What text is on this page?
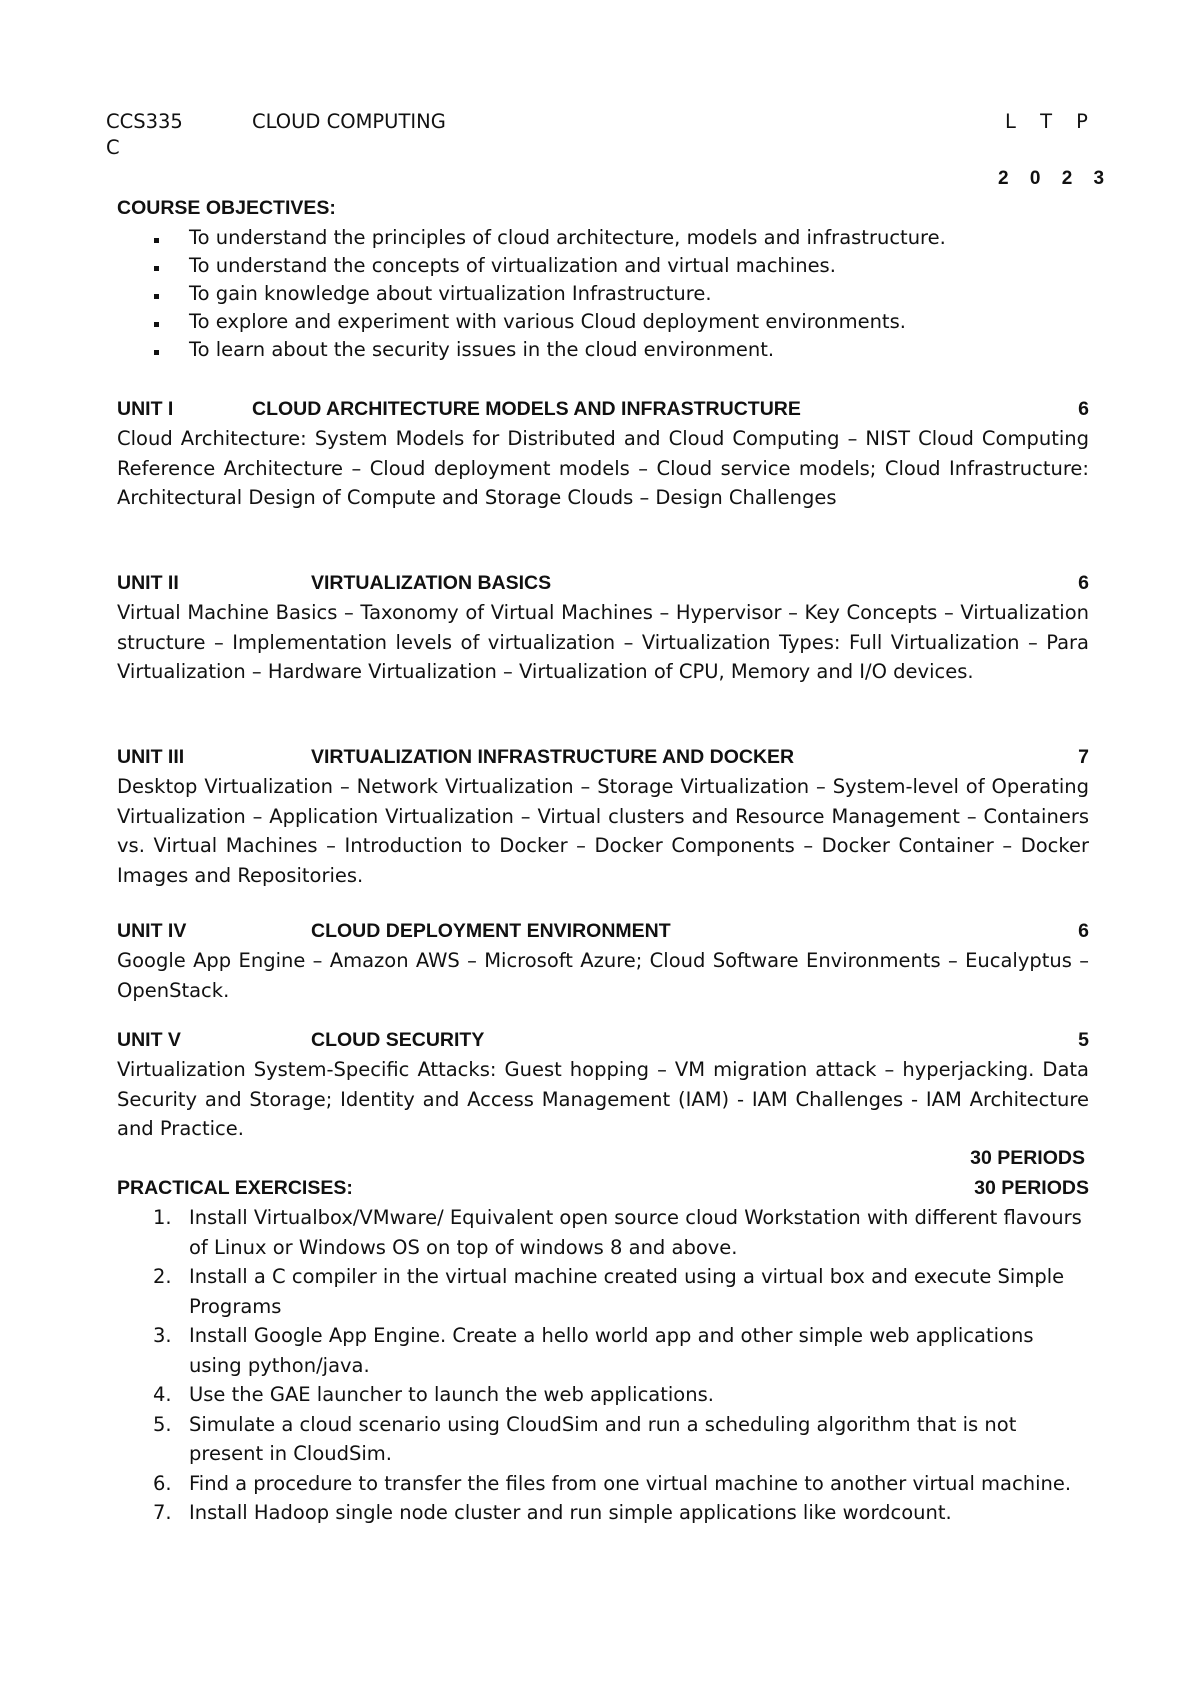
CCS335	CLOUD COMPUTING	L T P
C
2 0 2 3
COURSE OBJECTIVES:
To understand the principles of cloud architecture, models and infrastructure.
To understand the concepts of virtualization and virtual machines.
To gain knowledge about virtualization Infrastructure.
To explore and experiment with various Cloud deployment environments.
To learn about the security issues in the cloud environment.
UNIT I	CLOUD ARCHITECTURE MODELS AND INFRASTRUCTURE	6

Cloud Architecture: System Models for Distributed and Cloud Computing – NIST Cloud Computing Reference Architecture – Cloud deployment models – Cloud service models; Cloud Infrastructure: Architectural Design of Compute and Storage Clouds – Design Challenges

UNIT II	VIRTUALIZATION BASICS	6

Virtual Machine Basics – Taxonomy of Virtual Machines – Hypervisor – Key Concepts – Virtualization structure – Implementation levels of virtualization – Virtualization Types: Full Virtualization – Para Virtualization – Hardware Virtualization – Virtualization of CPU, Memory and I/O devices.

UNIT III	VIRTUALIZATION INFRASTRUCTURE AND DOCKER	7

Desktop Virtualization – Network Virtualization – Storage Virtualization – System-level of Operating Virtualization – Application Virtualization – Virtual clusters and Resource Management – Containers vs. Virtual Machines – Introduction to Docker – Docker Components – Docker Container – Docker Images and Repositories.

UNIT IV	CLOUD DEPLOYMENT ENVIRONMENT	6

Google App Engine – Amazon AWS – Microsoft Azure; Cloud Software Environments – Eucalyptus – OpenStack.

UNIT V	CLOUD SECURITY	5

Virtualization System-Specific Attacks: Guest hopping – VM migration attack – hyperjacking. Data Security and Storage; Identity and Access Management (IAM) - IAM Challenges - IAM Architecture and Practice.

30 PERIODS
PRACTICAL EXERCISES:	30 PERIODS
1. Install Virtualbox/VMware/ Equivalent open source cloud Workstation with different flavours of Linux or Windows OS on top of windows 8 and above.
2. Install a C compiler in the virtual machine created using a virtual box and execute Simple Programs
3. Install Google App Engine. Create a hello world app and other simple web applications using python/java.
4. Use the GAE launcher to launch the web applications.
5. Simulate a cloud scenario using CloudSim and run a scheduling algorithm that is not present in CloudSim.
6. Find a procedure to transfer the files from one virtual machine to another virtual machine.
7. Install Hadoop single node cluster and run simple applications like wordcount.
